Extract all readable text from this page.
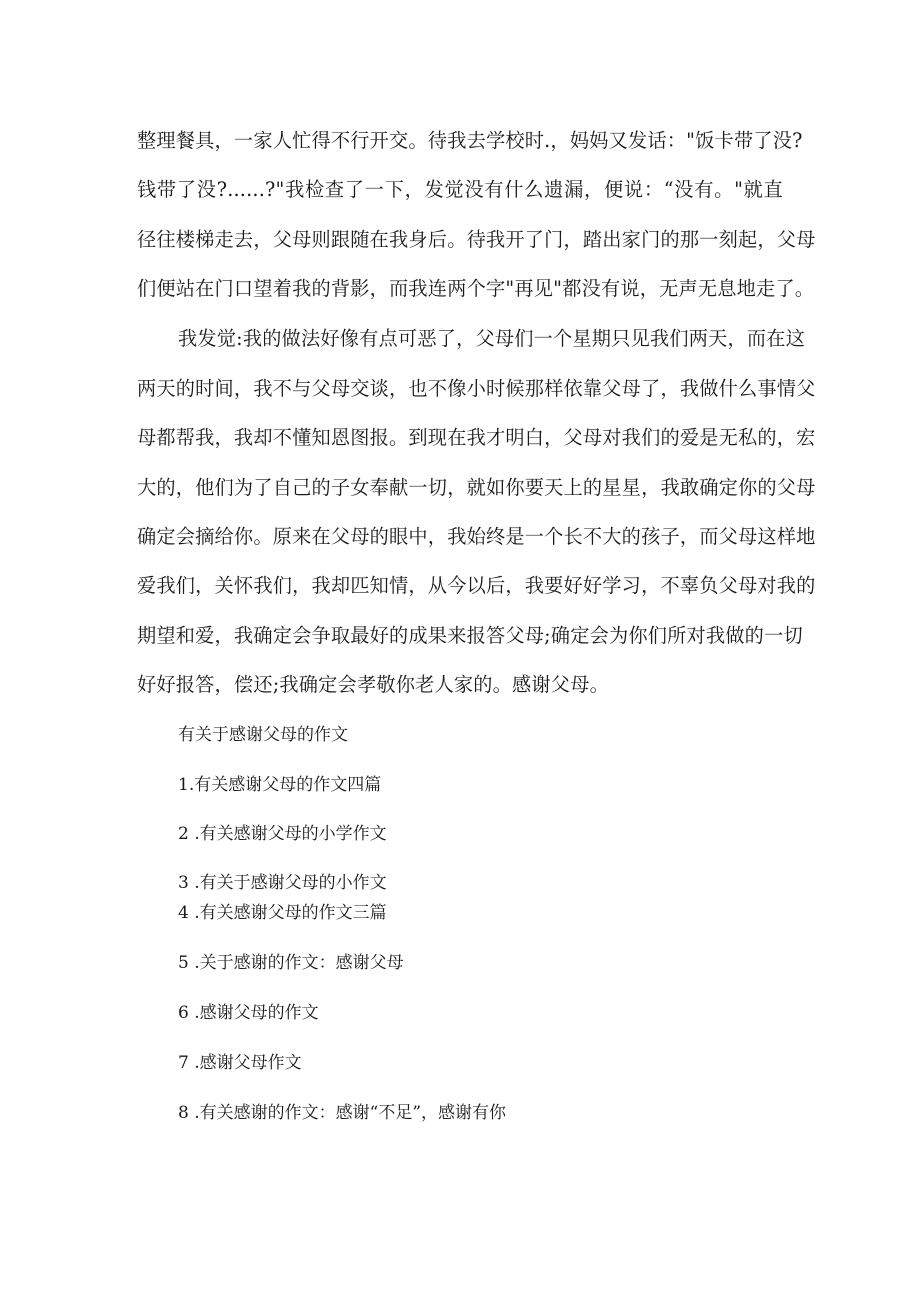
整理餐具，一家人忙得不行开交。待我去学校时.，妈妈又发话："饭卡带了没?
钱带了没?......?"我检查了一下，发觉没有什么遗漏，便说：“没有。"就直
径往楼梯走去，父母则跟随在我身后。待我开了门，踏出家门的那一刻起，父母
们便站在门口望着我的背影，而我连两个字"再见"都没有说，无声无息地走了。
我发觉:我的做法好像有点可恶了，父母们一个星期只见我们两天，而在这
两天的时间，我不与父母交谈，也不像小时候那样依靠父母了，我做什么事情父
母都帮我，我却不懂知恩图报。到现在我才明白，父母对我们的爱是无私的，宏
大的，他们为了自己的子女奉献一切，就如你要天上的星星，我敢确定你的父母
确定会摘给你。原来在父母的眼中，我始终是一个长不大的孩子，而父母这样地
爱我们，关怀我们，我却匹知情，从今以后，我要好好学习，不辜负父母对我的
期望和爱，我确定会争取最好的成果来报答父母;确定会为你们所对我做的一切
好好报答，偿还;我确定会孝敬你老人家的。感谢父母。
有关于感谢父母的作文
1.有关感谢父母的作文四篇
2 .有关感谢父母的小学作文
3 .有关于感谢父母的小作文
4 .有关感谢父母的作文三篇
5 .关于感谢的作文：感谢父母
6 .感谢父母的作文
7 .感谢父母作文
8 .有关感谢的作文：感谢“不足”，感谢有你
